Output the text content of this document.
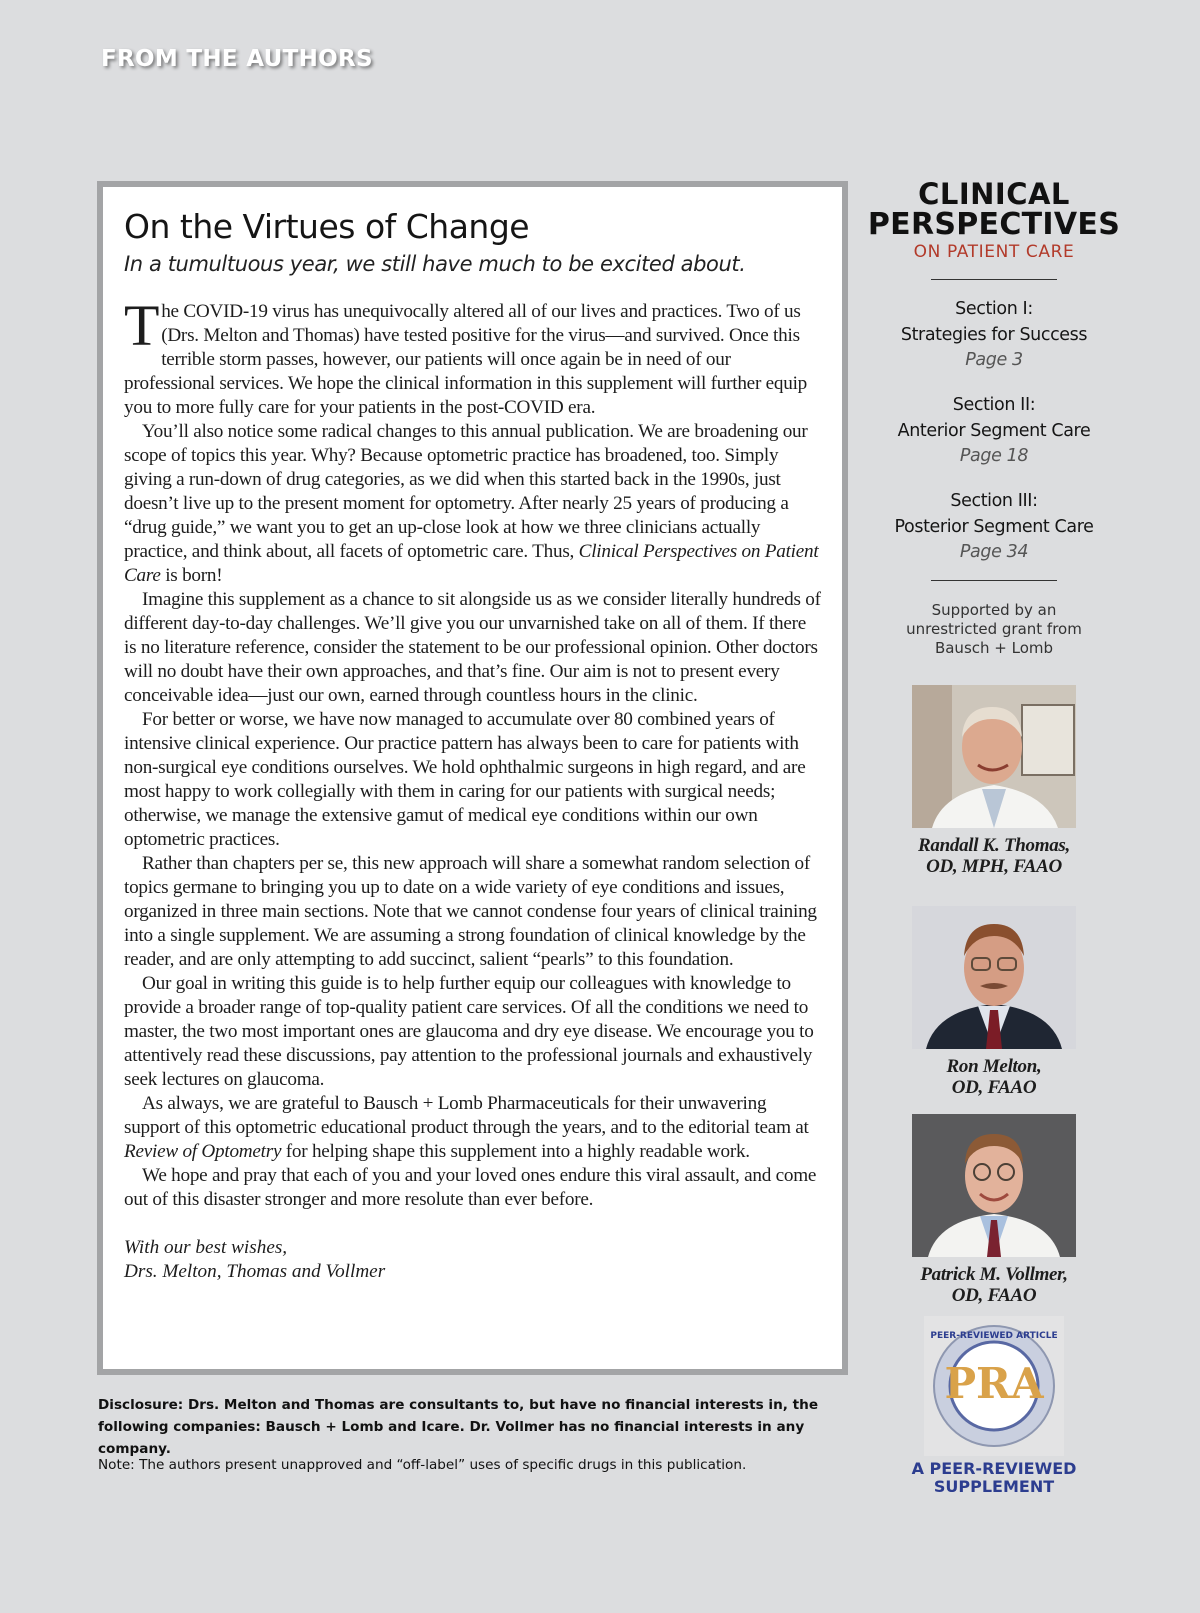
FROM THE AUTHORS
On the Virtues of Change
In a tumultuous year, we still have much to be excited about.

The COVID-19 virus has unequivocally altered all of our lives and practices. Two of us (Drs. Melton and Thomas) have tested positive for the virus—and survived. Once this terrible storm passes, however, our patients will once again be in need of our professional services. We hope the clinical information in this supplement will further equip you to more fully care for your patients in the post-COVID era.

You’ll also notice some radical changes to this annual publication. We are broadening our scope of topics this year. Why? Because optometric practice has broadened, too. Simply giving a run-down of drug categories, as we did when this started back in the 1990s, just doesn’t live up to the present moment for optometry. After nearly 25 years of producing a “drug guide,” we want you to get an up-close look at how we three clinicians actually practice, and think about, all facets of optometric care. Thus, Clinical Perspectives on Patient Care is born!

Imagine this supplement as a chance to sit alongside us as we consider literally hundreds of different day-to-day challenges. We’ll give you our unvarnished take on all of them. If there is no literature reference, consider the statement to be our professional opinion. Other doctors will no doubt have their own approaches, and that’s fine. Our aim is not to present every conceivable idea—just our own, earned through countless hours in the clinic.

For better or worse, we have now managed to accumulate over 80 combined years of intensive clinical experience. Our practice pattern has always been to care for patients with non-surgical eye conditions ourselves. We hold ophthalmic surgeons in high regard, and are most happy to work collegially with them in caring for our patients with surgical needs; otherwise, we manage the extensive gamut of medical eye conditions within our own optometric practices.

Rather than chapters per se, this new approach will share a somewhat random selection of topics germane to bringing you up to date on a wide variety of eye conditions and issues, organized in three main sections. Note that we cannot condense four years of clinical training into a single supplement. We are assuming a strong foundation of clinical knowledge by the reader, and are only attempting to add succinct, salient “pearls” to this foundation.

Our goal in writing this guide is to help further equip our colleagues with knowledge to provide a broader range of top-quality patient care services. Of all the conditions we need to master, the two most important ones are glaucoma and dry eye disease. We encourage you to attentively read these discussions, pay attention to the professional journals and exhaustively seek lectures on glaucoma.

As always, we are grateful to Bausch + Lomb Pharmaceuticals for their unwavering support of this optometric educational product through the years, and to the editorial team at Review of Optometry for helping shape this supplement into a highly readable work.

We hope and pray that each of you and your loved ones endure this viral assault, and come out of this disaster stronger and more resolute than ever before.

With our best wishes,
Drs. Melton, Thomas and Vollmer
Disclosure: Drs. Melton and Thomas are consultants to, but have no financial interests in, the following companies: Bausch + Lomb and Icare. Dr. Vollmer has no financial interests in any company.
Note: The authors present unapproved and “off-label” uses of specific drugs in this publication.
CLINICAL
PERSPECTIVES
ON PATIENT CARE
Section I:
Strategies for Success
Page 3
Section II:
Anterior Segment Care
Page 18
Section III:
Posterior Segment Care
Page 34
Supported by an unrestricted grant from Bausch + Lomb
Randall K. Thomas,
OD, MPH, FAAO
Ron Melton,
OD, FAAO
Patrick M. Vollmer,
OD, FAAO
PRA
PEER-REVIEWED ARTICLE
A PEER-REVIEWED
SUPPLEMENT
